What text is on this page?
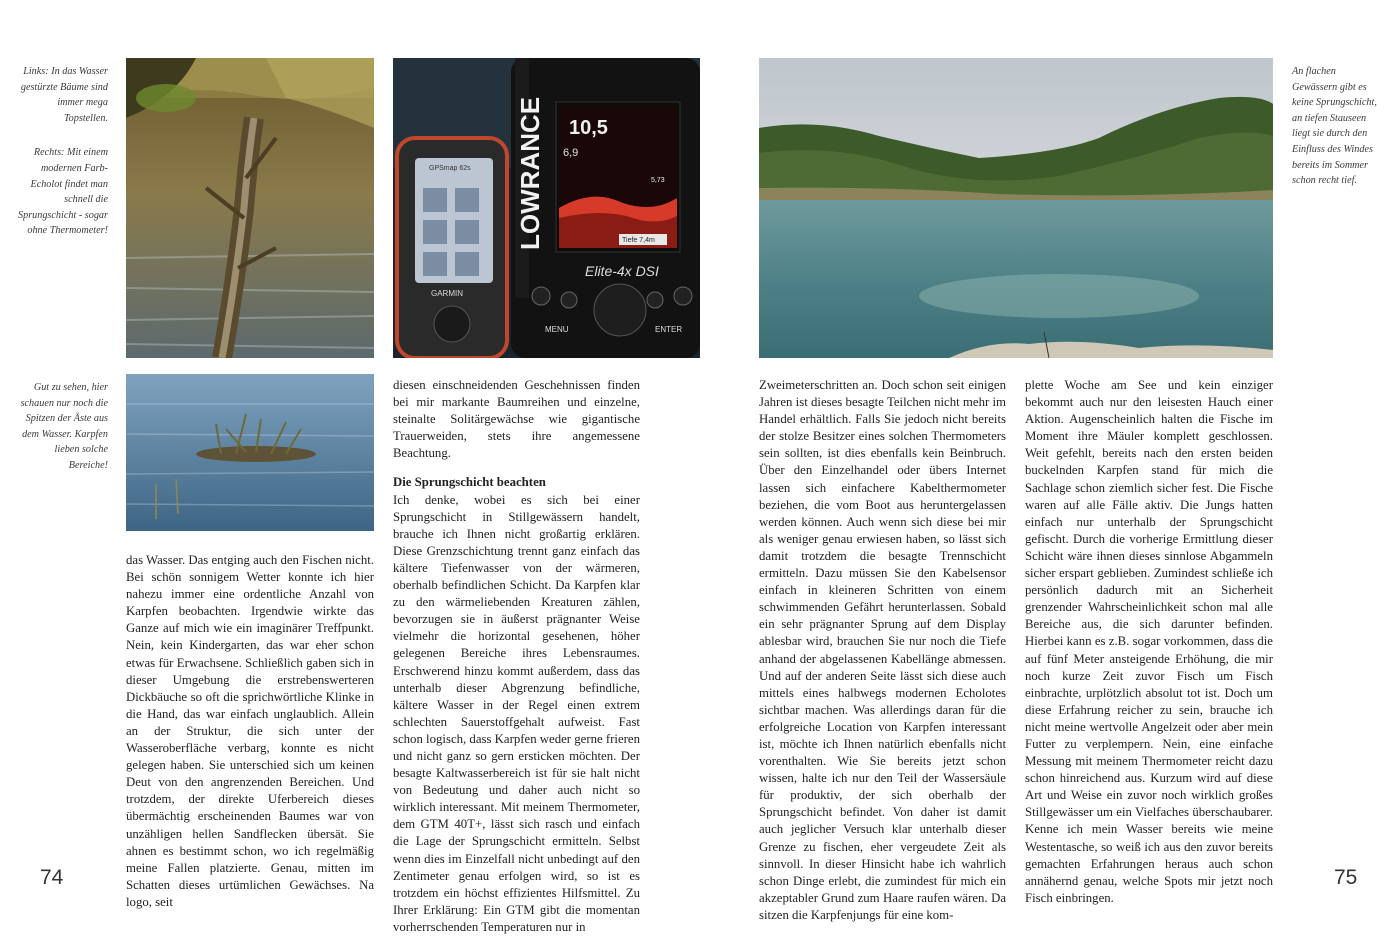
Links: In das Wasser gestürzte Bäume sind immer mega Topstellen.

Rechts: Mit einem modernen Farb-Echolot findet man schnell die Sprungschicht - sogar ohne Thermometer!

Gut zu sehen, hier schauen nur noch die Spitzen der Äste aus dem Wasser. Karpfen lieben solche Bereiche!

das Wasser. Das entging auch den Fischen nicht. Bei schön sonnigem Wetter konnte ich hier nahezu immer eine ordentliche Anzahl von Karpfen beobachten. Irgendwie wirkte das Ganze auf mich wie ein imaginärer Treffpunkt. Nein, kein Kindergarten, das war eher schon etwas für Erwachsene. Schließlich gaben sich in dieser Umgebung die erstrebenswerteren Dickbäuche so oft die sprichwörtliche Klinke in die Hand, das war einfach unglaublich. Allein an der Struktur, die sich unter der Wasseroberfläche verbarg, konnte es nicht gelegen haben. Sie unterschied sich um keinen Deut von den angrenzenden Bereichen. Und trotzdem, der direkte Uferbereich dieses übermächtig erscheinenden Baumes war von unzähligen hellen Sandflecken übersät. Sie ahnen es bestimmt schon, wo ich regelmäßig meine Fallen platzierte. Genau, mitten im Schatten dieses urtümlichen Gewächses. Na logo, seit

GPSmap 62s
GARMIN
LOWRANCE 10,5
6,9
5,73
Tiefe 7,4m
Elite-4x DSI
MENU	ENTER

diesen einschneidenden Geschehnissen finden bei mir markante Baumreihen und einzelne, steinalte Solitärgewächse wie gigantische Trauerweiden, stets ihre angemessene Beachtung.

Die Sprungschicht beachten

Ich denke, wobei es sich bei einer Sprungschicht in Stillgewässern handelt, brauche ich Ihnen nicht großartig erklären. Diese Grenzschichtung trennt ganz einfach das kältere Tiefenwasser von der wärmeren, oberhalb befindlichen Schicht. Da Karpfen klar zu den wärmeliebenden Kreaturen zählen, bevorzugen sie in äußerst prägnanter Weise vielmehr die horizontal gesehenen, höher gelegenen Bereiche ihres Lebensraumes. Erschwerend hinzu kommt außerdem, dass das unterhalb dieser Abgrenzung befindliche, kältere Wasser in der Regel einen extrem schlechten Sauerstoffgehalt aufweist. Fast schon logisch, dass Karpfen weder gerne frieren und nicht ganz so gern ersticken möchten. Der besagte Kaltwasserbereich ist für sie halt nicht von Bedeutung und daher auch nicht so wirklich interessant. Mit meinem Thermometer, dem GTM 40T+, lässt sich rasch und einfach die Lage der Sprungschicht ermitteln. Selbst wenn dies im Einzelfall nicht unbedingt auf den Zentimeter genau erfolgen wird, so ist es trotzdem ein höchst effizientes Hilfsmittel. Zu Ihrer Erklärung: Ein GTM gibt die momentan vorherrschenden Temperaturen nur in

74
An flachen Gewässern gibt es keine Sprungschicht, an tiefen Stauseen liegt sie durch den Einfluss des Windes bereits im Sommer schon recht tief.

Zweimeterschritten an. Doch schon seit einigen Jahren ist dieses besagte Teilchen nicht mehr im Handel erhältlich. Falls Sie jedoch nicht bereits der stolze Besitzer eines solchen Thermometers sein sollten, ist dies ebenfalls kein Beinbruch. Über den Einzelhandel oder übers Internet lassen sich einfachere Kabelthermometer beziehen, die vom Boot aus heruntergelassen werden können. Auch wenn sich diese bei mir als weniger genau erwiesen haben, so lässt sich damit trotzdem die besagte Trennschicht ermitteln. Dazu müssen Sie den Kabelsensor einfach in kleineren Schritten von einem schwimmenden Gefährt herunterlassen. Sobald ein sehr prägnanter Sprung auf dem Display ablesbar wird, brauchen Sie nur noch die Tiefe anhand der abgelassenen Kabellänge abmessen. Und auf der anderen Seite lässt sich diese auch mittels eines halbwegs modernen Echolotes sichtbar machen. Was allerdings daran für die erfolgreiche Location von Karpfen interessant ist, möchte ich Ihnen natürlich ebenfalls nicht vorenthalten. Wie Sie bereits jetzt schon wissen, halte ich nur den Teil der Wassersäule für produktiv, der sich oberhalb der Sprungschicht befindet. Von daher ist damit auch jeglicher Versuch klar unterhalb dieser Grenze zu fischen, eher vergeudete Zeit als sinnvoll. In dieser Hinsicht habe ich wahrlich schon Dinge erlebt, die zumindest für mich ein akzeptabler Grund zum Haare raufen wären. Da sitzen die Karpfenjungs für eine kom-

plette Woche am See und kein einziger bekommt auch nur den leisesten Hauch einer Aktion. Augenscheinlich halten die Fische im Moment ihre Mäuler komplett geschlossen. Weit gefehlt, bereits nach den ersten beiden buckelnden Karpfen stand für mich die Sachlage schon ziemlich sicher fest. Die Fische waren auf alle Fälle aktiv. Die Jungs hatten einfach nur unterhalb der Sprungschicht gefischt. Durch die vorherige Ermittlung dieser Schicht wäre ihnen dieses sinnlose Abgammeln sicher erspart geblieben. Zumindest schließe ich persönlich dadurch mit an Sicherheit grenzender Wahrscheinlichkeit schon mal alle Bereiche aus, die sich darunter befinden. Hierbei kann es z.B. sogar vorkommen, dass die auf fünf Meter ansteigende Erhöhung, die mir noch kurze Zeit zuvor Fisch um Fisch einbrachte, urplötzlich absolut tot ist. Doch um diese Erfahrung reicher zu sein, brauche ich nicht meine wertvolle Angelzeit oder aber mein Futter zu verplempern. Nein, eine einfache Messung mit meinem Thermometer reicht dazu schon hinreichend aus. Kurzum wird auf diese Art und Weise ein zuvor noch wirklich großes Stillgewässer um ein Vielfaches überschaubarer. Kenne ich mein Wasser bereits wie meine Westentasche, so weiß ich aus den zuvor bereits gemachten Erfahrungen heraus auch schon annähernd genau, welche Spots mir jetzt noch Fisch einbringen.

75
